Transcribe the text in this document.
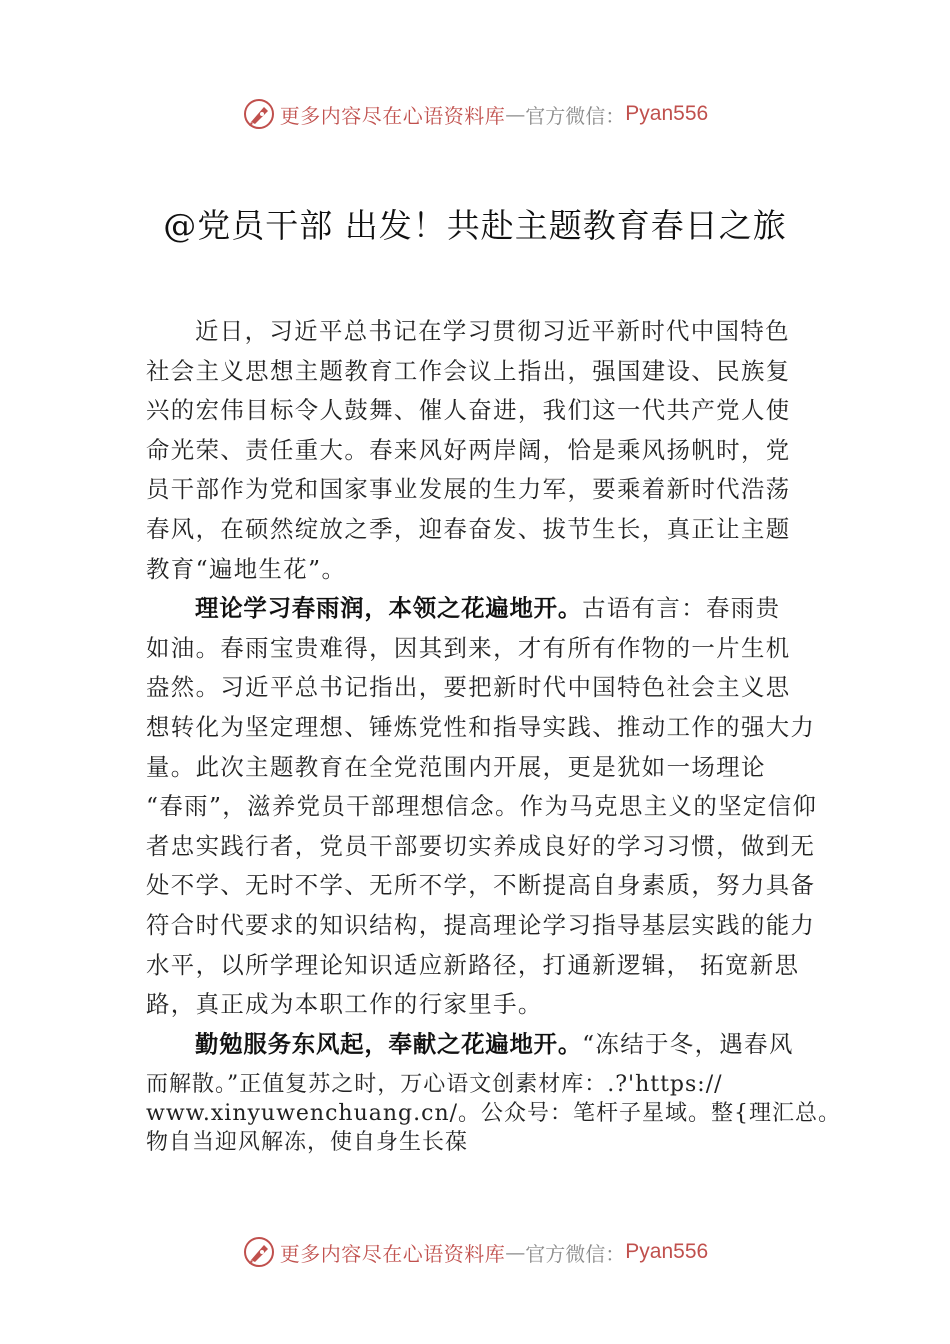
更多内容尽在心语资料库 — 官方微信： Pyan556
@党员干部 出发！共赴主题教育春日之旅
近日，习近平总书记在学习贯彻习近平新时代中国特色
社会主义思想主题教育工作会议上指出，强国建设、民族复
兴的宏伟目标令人鼓舞、催人奋进，我们这一代共产党人使
命光荣、责任重大。春来风好两岸阔，恰是乘风扬帆时，党
员干部作为党和国家事业发展的生力军，要乘着新时代浩荡
春风，在硕然绽放之季，迎春奋发、拔节生长，真正让主题
教育“遍地生花”。
理论学习春雨润，本领之花遍地开。古语有言：春雨贵
如油。春雨宝贵难得，因其到来，才有所有作物的一片生机
盎然。习近平总书记指出，要把新时代中国特色社会主义思
想转化为坚定理想、锤炼党性和指导实践、推动工作的强大力
量。此次主题教育在全党范围内开展，更是犹如一场理论
“春雨”，滋养党员干部理想信念。作为马克思主义的坚定信仰
者忠实践行者，党员干部要切实养成良好的学习习惯，做到无
处不学、无时不学、无所不学，不断提高自身素质，努力具备
符合时代要求的知识结构，提高理论学习指导基层实践的能力
水平，以所学理论知识适应新路径，打通新逻辑， 拓宽新思
路，真正成为本职工作的行家里手。
勤勉服务东风起，奉献之花遍地开。“冻结于冬，遇春风
而解散。”正值复苏之时，万心语文创素材库：.?'https://
www.xinyuwenchuang.cn/。公众号：笔杆子星域。整{理汇总。
物自当迎风解冻，使自身生长葆
更多内容尽在心语资料库 — 官方微信： Pyan556
